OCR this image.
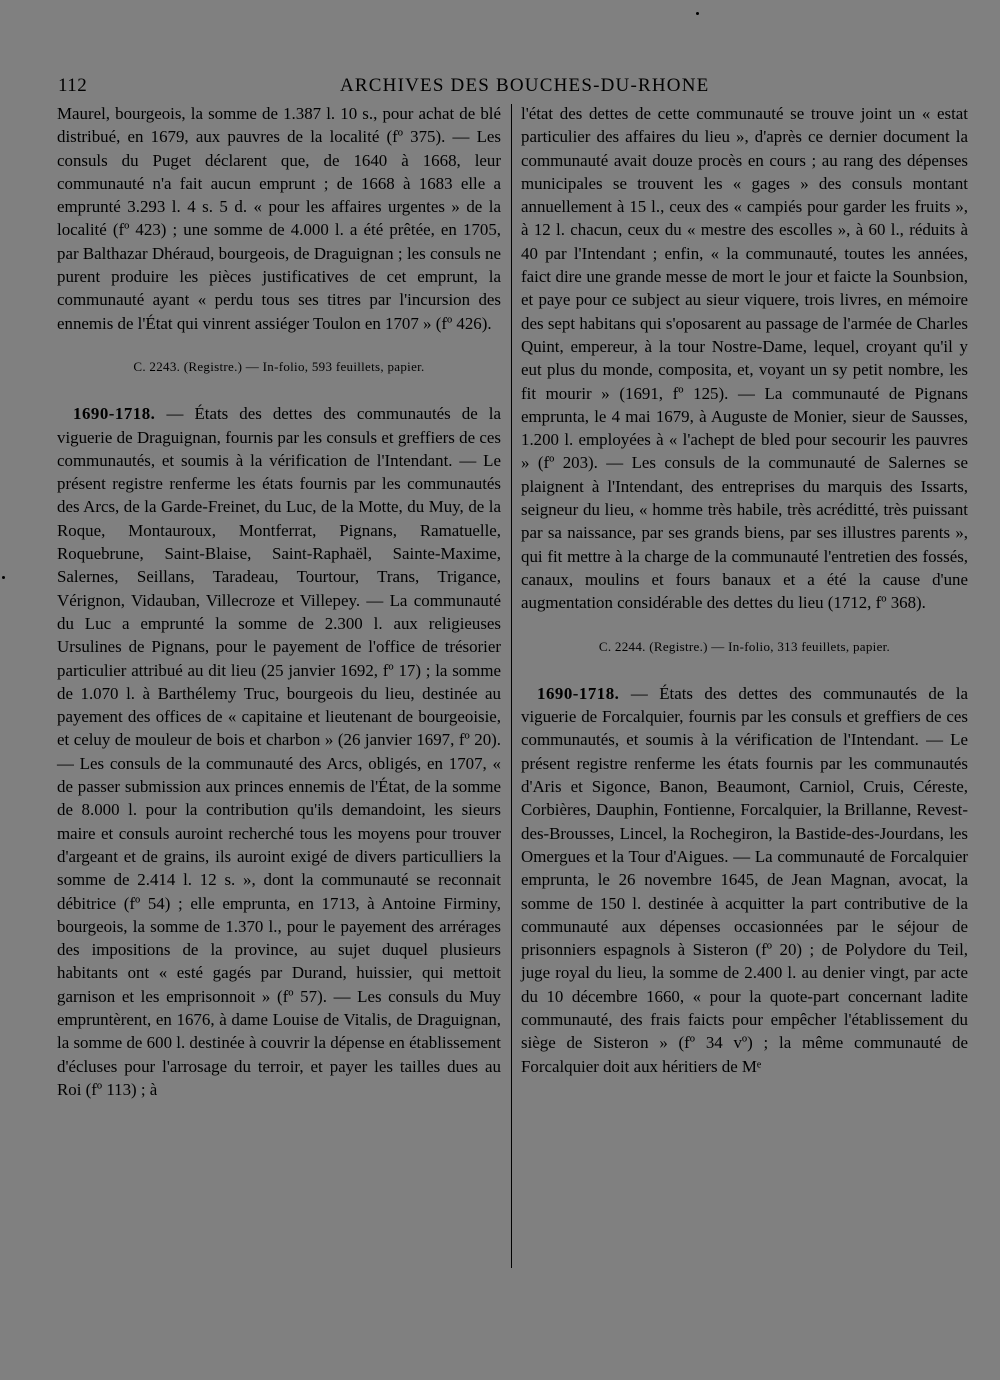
112	ARCHIVES DES BOUCHES-DU-RHONE

Maurel, bourgeois, la somme de 1.387 l. 10 s., pour achat de blé distribué, en 1679, aux pauvres de la localité (fº 375). — Les consuls du Puget déclarent que, de 1640 à 1668, leur communauté n'a fait aucun emprunt ; de 1668 à 1683 elle a emprunté 3.293 l. 4 s. 5 d. « pour les affaires urgentes » de la localité (fº 423) ; une somme de 4.000 l. a été prêtée, en 1705, par Balthazar Dhéraud, bourgeois, de Draguignan ; les consuls ne purent produire les pièces justificatives de cet emprunt, la communauté ayant « perdu tous ses titres par l'incursion des ennemis de l'État qui vinrent assiéger Toulon en 1707 » (fº 426).

C. 2243. (Registre.) — In-folio, 593 feuillets, papier.

1690-1718. — États des dettes des communautés de la viguerie de Draguignan, fournis par les consuls et greffiers de ces communautés, et soumis à la vérification de l'Intendant. — Le présent registre renferme les états fournis par les communautés des Arcs, de la Garde-Freinet, du Luc, de la Motte, du Muy, de la Roque, Montauroux, Montferrat, Pignans, Ramatuelle, Roquebrune, Saint-Blaise, Saint-Raphaël, Sainte-Maxime, Salernes, Seillans, Taradeau, Tourtour, Trans, Trigance, Vérignon, Vidauban, Villecroze et Villepey. — La communauté du Luc a emprunté la somme de 2.300 l. aux religieuses Ursulines de Pignans, pour le payement de l'office de trésorier particulier attribué au dit lieu (25 janvier 1692, fº 17) ; la somme de 1.070 l. à Barthélemy Truc, bourgeois du lieu, destinée au payement des offices de « capitaine et lieutenant de bourgeoisie, et celuy de mouleur de bois et charbon » (26 janvier 1697, fº 20). — Les consuls de la communauté des Arcs, obligés, en 1707, « de passer submission aux princes ennemis de l'État, de la somme de 8.000 l. pour la contribution qu'ils demandoint, les sieurs maire et consuls auroint recherché tous les moyens pour trouver d'argeant et de grains, ils auroint exigé de divers particulliers la somme de 2.414 l. 12 s. », dont la communauté se reconnait débitrice (fº 54) ; elle emprunta, en 1713, à Antoine Firminy, bourgeois, la somme de 1.370 l., pour le payement des arrérages des impositions de la province, au sujet duquel plusieurs habitants ont « esté gagés par Durand, huissier, qui mettoit garnison et les emprisonnoit » (fº 57). — Les consuls du Muy empruntèrent, en 1676, à dame Louise de Vitalis, de Draguignan, la somme de 600 l. destinée à couvrir la dépense en établissement d'écluses pour l'arrosage du terroir, et payer les tailles dues au Roi (fº 113) ; à

l'état des dettes de cette communauté se trouve joint un « estat particulier des affaires du lieu », d'après ce dernier document la communauté avait douze procès en cours ; au rang des dépenses municipales se trouvent les « gages » des consuls montant annuellement à 15 l., ceux des « campiés pour garder les fruits », à 12 l. chacun, ceux du « mestre des escolles », à 60 l., réduits à 40 par l'Intendant ; enfin, « la communauté, toutes les années, faict dire une grande messe de mort le jour et faicte la Sounbsion, et paye pour ce subject au sieur viquere, trois livres, en mémoire des sept habitans qui s'oposarent au passage de l'armée de Charles Quint, empereur, à la tour Nostre-Dame, lequel, croyant qu'il y eut plus du monde, composita, et, voyant un sy petit nombre, les fit mourir » (1691, fº 125). — La communauté de Pignans emprunta, le 4 mai 1679, à Auguste de Monier, sieur de Sausses, 1.200 l. employées à « l'achept de bled pour secourir les pauvres » (fº 203). — Les consuls de la communauté de Salernes se plaignent à l'Intendant, des entreprises du marquis des Issarts, seigneur du lieu, « homme très habile, très acréditté, très puissant par sa naissance, par ses grands biens, par ses illustres parents », qui fit mettre à la charge de la communauté l'entretien des fossés, canaux, moulins et fours banaux et a été la cause d'une augmentation considérable des dettes du lieu (1712, fº 368).

C. 2244. (Registre.) — In-folio, 313 feuillets, papier.

1690-1718. — États des dettes des communautés de la viguerie de Forcalquier, fournis par les consuls et greffiers de ces communautés, et soumis à la vérification de l'Intendant. — Le présent registre renferme les états fournis par les communautés d'Aris et Sigonce, Banon, Beaumont, Carniol, Cruis, Céreste, Corbières, Dauphin, Fontienne, Forcalquier, la Brillanne, Revest-des-Brousses, Lincel, la Rochegiron, la Bastide-des-Jourdans, les Omergues et la Tour d'Aigues. — La communauté de Forcalquier emprunta, le 26 novembre 1645, de Jean Magnan, avocat, la somme de 150 l. destinée à acquitter la part contributive de la communauté aux dépenses occasionnées par le séjour de prisonniers espagnols à Sisteron (fº 20) ; de Polydore du Teil, juge royal du lieu, la somme de 2.400 l. au denier vingt, par acte du 10 décembre 1660, « pour la quote-part concernant ladite communauté, des frais faicts pour empêcher l'établissement du siège de Sisteron » (fº 34 vº) ; la même communauté de Forcalquier doit aux héritiers de Mᵉ
